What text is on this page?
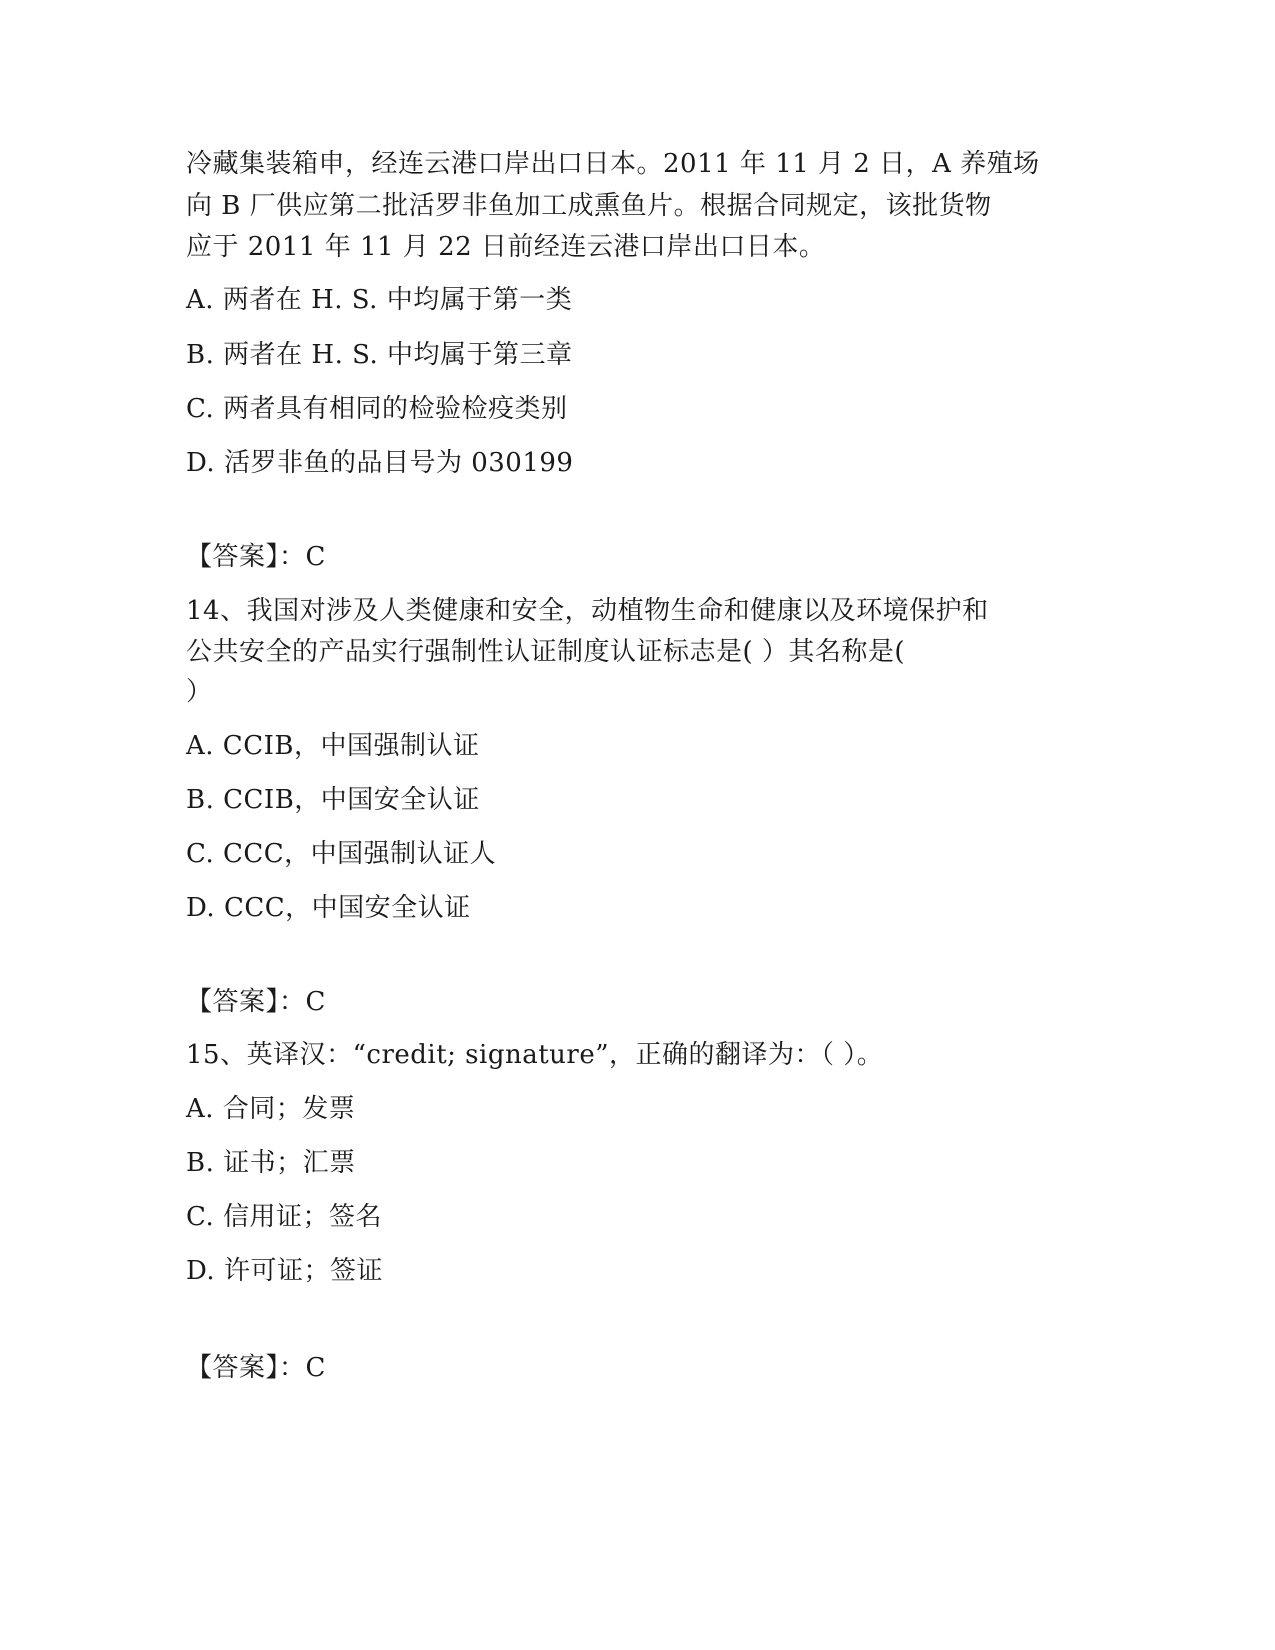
冷藏集装箱申，经连云港口岸出口日本。2011 年 11 月 2 日，A 养殖场
向 B 厂供应第二批活罗非鱼加工成熏鱼片。根据合同规定，该批货物
应于 2011 年 11 月 22 日前经连云港口岸出口日本。
A. 两者在 H. S. 中均属于第一类
B. 两者在 H. S. 中均属于第三章
C. 两者具有相同的检验检疫类别
D. 活罗非鱼的品目号为 030199
【答案】：C
14、我国对涉及人类健康和安全，动植物生命和健康以及环境保护和
公共安全的产品实行强制性认证制度认证标志是( ）其名称是(
）
A. CCIB，中国强制认证
B. CCIB，中国安全认证
C. CCC，中国强制认证人
D. CCC，中国安全认证
【答案】：C
15、英译汉：“credit; signature”，正确的翻译为：（ ）。
A. 合同；发票
B. 证书；汇票
C. 信用证；签名
D. 许可证；签证
【答案】：C
